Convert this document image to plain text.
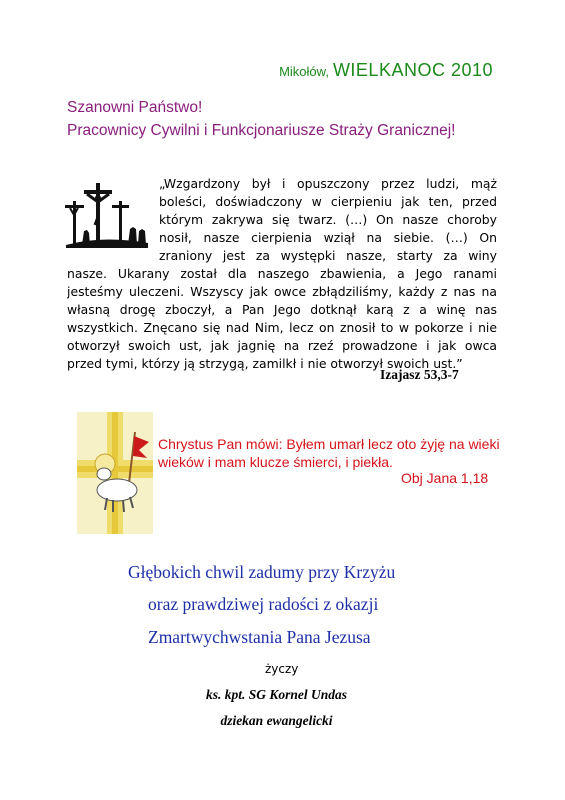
Mikołów, WIELKANOC 2010
Szanowni Państwo!
Pracownicy Cywilni i Funkcjonariusze Straży Granicznej!
„Wzgardzony był i opuszczony przez ludzi, mąż
boleści, doświadczony w cierpieniu jak ten, przed
którym zakrywa się twarz. (…) On nasze choroby
nosił, nasze cierpienia wziął na siebie. (…) On
zraniony jest za występki nasze, starty za winy
nasze. Ukarany został dla naszego zbawienia, a Jego ranami
jesteśmy uleczeni. Wszyscy jak owce zbłądziliśmy, każdy z nas na
własną drogę zboczył, a Pan Jego dotknął karą z a winę nas
wszystkich. Znęcano się nad Nim, lecz on znosił to w pokorze i nie
otworzył swoich ust, jak jagnię na rzeź prowadzone i jak owca
przed tymi, którzy ją strzygą, zamilkł i nie otworzył swoich ust.”
Izajasz 53,3-7
Chrystus Pan mówi: Byłem umarł lecz oto żyję na wieki wieków i mam klucze śmierci, i piekła.
Obj Jana 1,18
Głębokich chwil zadumy przy Krzyżu
oraz prawdziwej radości z okazji
Zmartwychwstania Pana Jezusa
życzy
ks. kpt. SG Kornel Undas
dziekan ewangelicki
